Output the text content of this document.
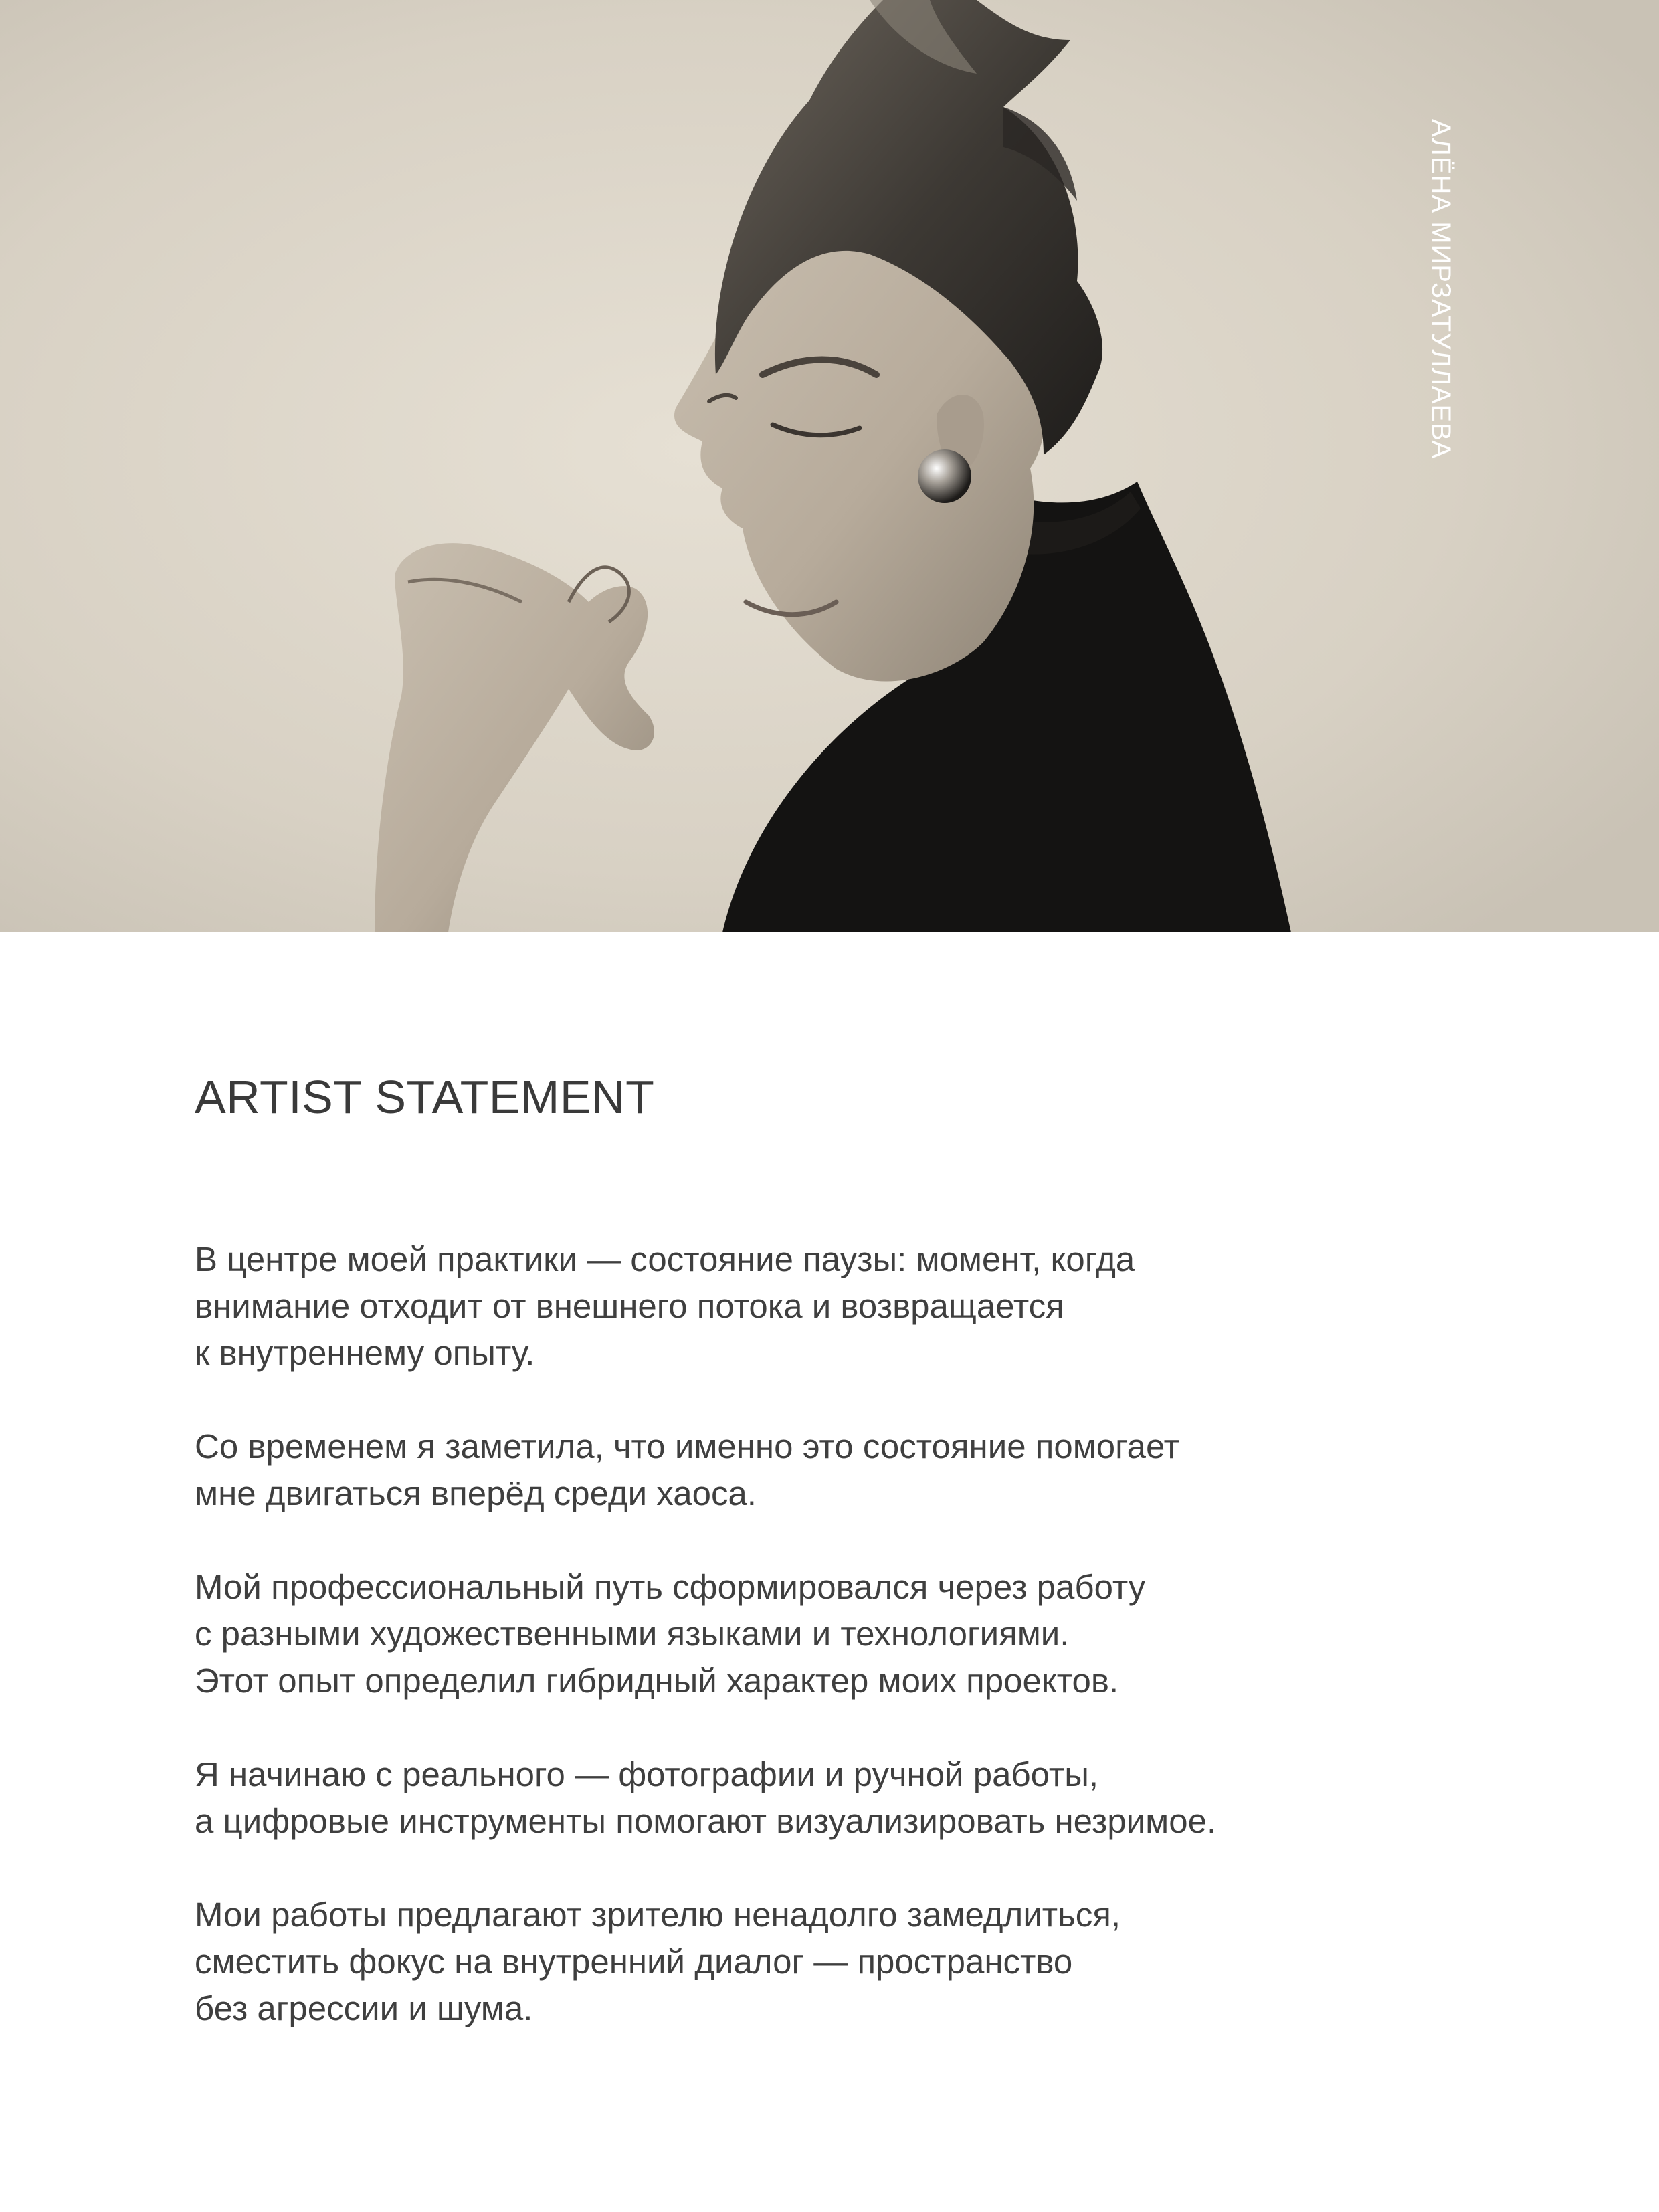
АЛЁНА МИРЗАТУЛЛАЕВА
ARTIST STATEMENT

В центре моей практики — состояние паузы: момент, когда
внимание отходит от внешнего потока и возвращается
к внутреннему опыту.

Со временем я заметила, что именно это состояние помогает
мне двигаться вперёд среди хаоса.

Мой профессиональный путь сформировался через работу
с разными художественными языками и технологиями.
Этот опыт определил гибридный характер моих проектов.

Я начинаю с реального — фотографии и ручной работы,
а цифровые инструменты помогают визуализировать незримое.

Мои работы предлагают зрителю ненадолго замедлиться,
сместить фокус на внутренний диалог — пространство
без агрессии и шума.
